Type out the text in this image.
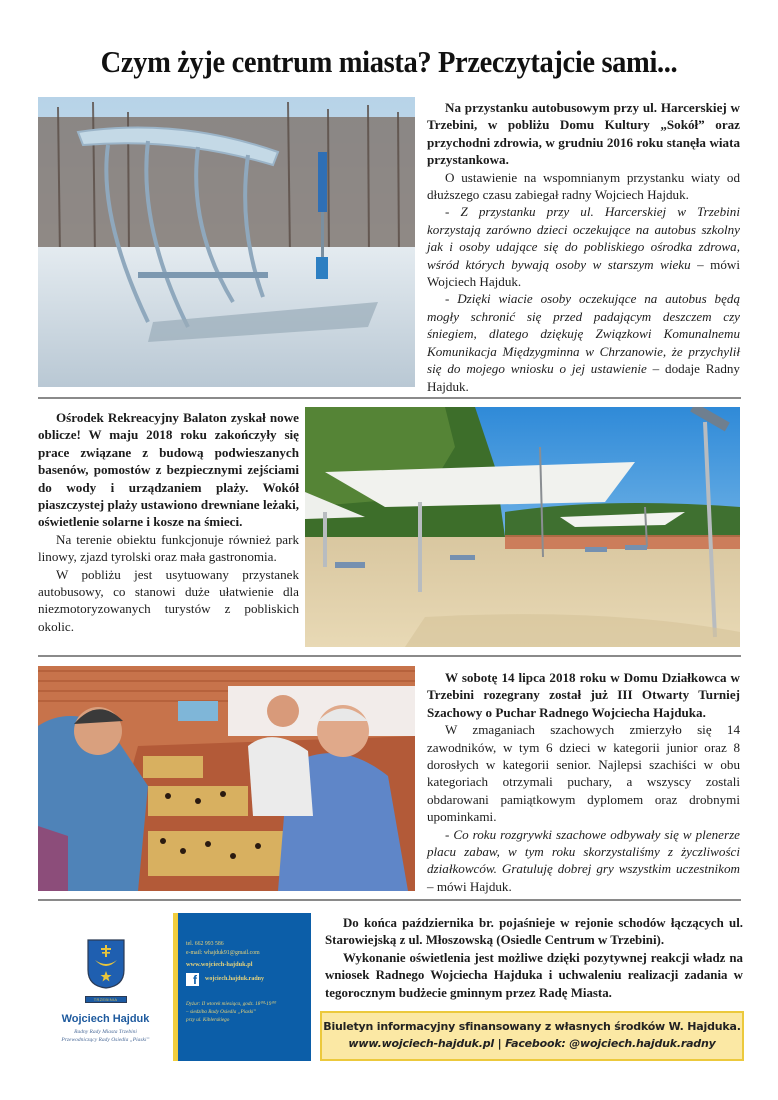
Czym żyje centrum miasta? Przeczytajcie sami...

Na przystanku autobusowym przy ul. Harcerskiej w Trzebini, w pobliżu Domu Kultury „Sokół” oraz przychodni zdrowia, w grudniu 2016 roku stanęła wiata przystankowa.

O ustawienie na wspomnianym przystanku wiaty od dłuższego czasu zabiegał radny Wojciech Hajduk.

- Z przystanku przy ul. Harcerskiej w Trzebini korzystają zarówno dzieci oczekujące na autobus szkolny jak i osoby udające się do pobliskiego ośrodka zdrowa, wśród których bywają osoby w starszym wieku – mówi Wojciech Hajduk.

- Dzięki wiacie osoby oczekujące na autobus będą mogły schronić się przed padającym deszczem czy śniegiem, dlatego dziękuję Związkowi Komunalnemu Komunikacja Międzygminna w Chrzanowie, że przychylił się do mojego wniosku o jej ustawienie – dodaje Radny Hajduk.

Ośrodek Rekreacyjny Balaton zyskał nowe oblicze! W maju 2018 roku zakończyły się prace związane z budową podwieszanych basenów, pomostów z bezpiecznymi zejściami do wody i urządzaniem plaży. Wokół piaszczystej plaży ustawiono drewniane leżaki, oświetlenie solarne i kosze na śmieci.

Na terenie obiektu funkcjonuje również park linowy, zjazd tyrolski oraz mała gastronomia.

W pobliżu jest usytuowany przystanek autobusowy, co stanowi duże ułatwienie dla niezmotoryzowanych turystów z pobliskich okolic.

W sobotę 14 lipca 2018 roku w Domu Działkowca w Trzebini rozegrany został już III Otwarty Turniej Szachowy o Puchar Radnego Wojciecha Hajduka.

W zmaganiach szachowych zmierzyło się 14 zawodników, w tym 6 dzieci w kategorii junior oraz 8 dorosłych w kategorii senior. Najlepsi szachiści w obu kategoriach otrzymali puchary, a wszyscy zostali obdarowani pamiątkowym dyplomem oraz drobnymi upominkami.

- Co roku rozgrywki szachowe odbywały się w plenerze placu zabaw, w tym roku skorzystaliśmy z życzliwości działkowców. Gratuluję dobrej gry wszystkim uczestnikom – mówi Hajduk.

TRZEBINIA
Wojciech Hajduk
Radny Rady Miasta Trzebini
Przewodniczący Rady Osiedla „Piaski”
tel. 662 993 586
e-mail: whajduk91@gmail.com
www.wojciech-hajduk.pl
f	wojciech.hajduk.radny
Dyżur: II wtorek miesiąca, godz. 18⁰⁰-19⁰⁰
– siedziba Rady Osiedla „Piaski”
przy ul. Kiblerskiego

Do końca października br. pojaśnieje w rejonie schodów łączących ul. Starowiejską z ul. Młoszowską (Osiedle Centrum w Trzebini).

Wykonanie oświetlenia jest możliwe dzięki pozytywnej reakcji władz na wniosek Radnego Wojciecha Hajduka i uchwaleniu realizacji zadania w tegorocznym budżecie gminnym przez Radę Miasta.

Biuletyn informacyjny sfinansowany z własnych środków W. Hajduka.
www.wojciech-hajduk.pl | Facebook: @wojciech.hajduk.radny
